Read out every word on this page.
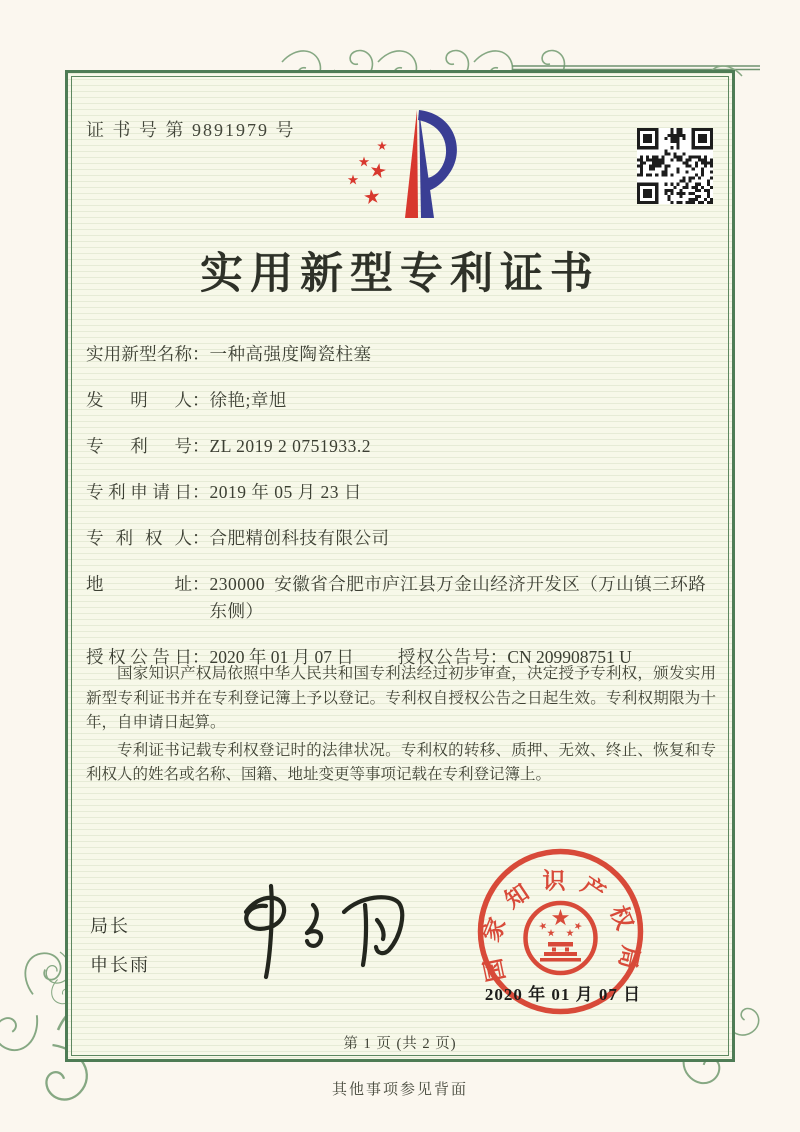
证 书 号 第 9891979 号
实用新型专利证书
实用新型名称 ： 一种高强度陶瓷柱塞
发明人 ： 徐艳;章旭
专利号 ： ZL 2019 2 0751933.2
专利申请日 ： 2019 年 05 月 23 日
专利权人 ： 合肥精创科技有限公司
地址 ： 230000 安徽省合肥市庐江县万金山经济开发区（万山镇三环路东侧）
授权公告日 ： 2020 年 01 月 07 日	授权公告号 ： CN 209908751 U

国家知识产权局依照中华人民共和国专利法经过初步审查，决定授予专利权，颁发实用新型专利证书并在专利登记簿上予以登记。专利权自授权公告之日起生效。专利权期限为十年，自申请日起算。

专利证书记载专利权登记时的法律状况。专利权的转移、质押、无效、终止、恢复和专利权人的姓名或名称、国籍、地址变更等事项记载在专利登记簿上。

局长
申长雨	国家知识产权局
2020 年 01 月 07 日
第 1 页 (共 2 页)
其他事项参见背面
